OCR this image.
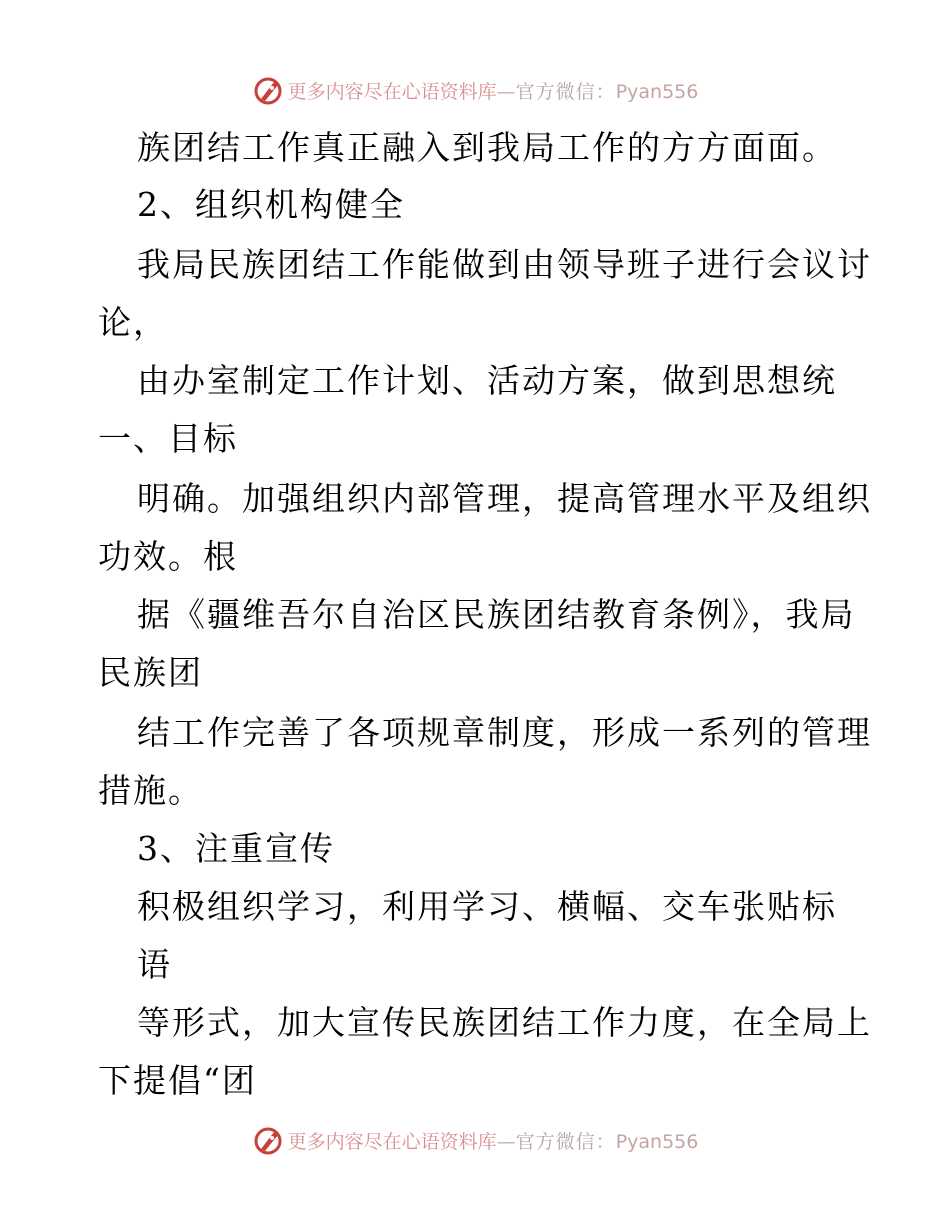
更多内容尽在心语资料库—官方微信：Pyan556
族团结工作真正融入到我局工作的方方面面。
2、组织机构健全
我局民族团结工作能做到由领导班子进行会议讨
论，
由办室制定工作计划、活动方案，做到思想统
一、目标
明确。加强组织内部管理，提高管理水平及组织
功效。根
据《疆维吾尔自治区民族团结教育条例》，我局
民族团
结工作完善了各项规章制度，形成一系列的管理
措施。
3、注重宣传
积极组织学习，利用学习、横幅、交车张贴标
语
等形式，加大宣传民族团结工作力度，在全局上
下提倡“团
更多内容尽在心语资料库—官方微信：Pyan556
